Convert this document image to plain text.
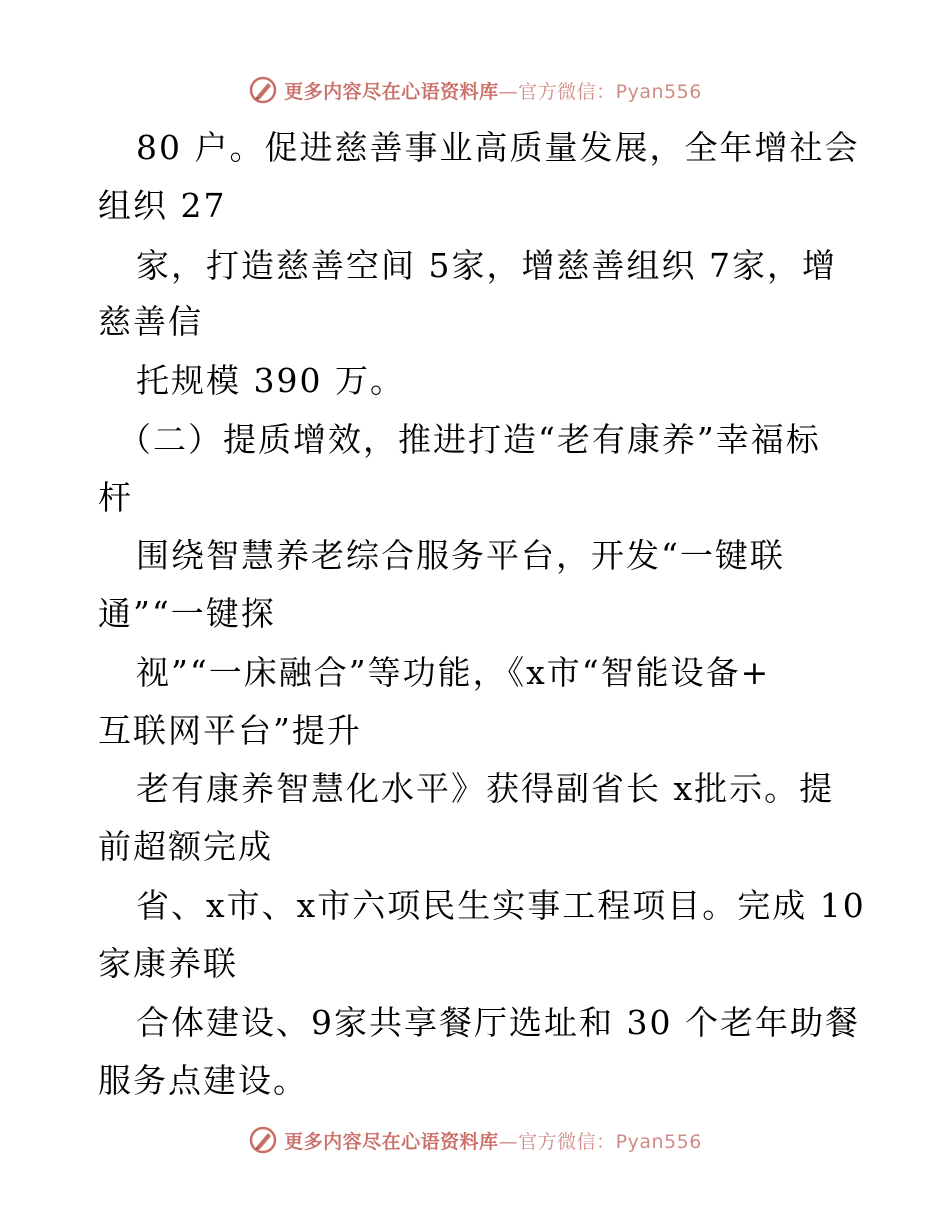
更多内容尽在心语资料库—官方微信：Pyan556
80 户。促进慈善事业高质量发展，全年增社会
组织 27
家，打造慈善空间 5家，增慈善组织 7家，增
慈善信
托规模 390 万。
（二）提质增效，推进打造“老有康养”幸福标
杆
围绕智慧养老综合服务平台，开发“一键联
通”“一键探
视”“一床融合”等功能，《x市“智能设备+
互联网平台”提升
老有康养智慧化水平》获得副省长 x批示。提
前超额完成
省、x市、x市六项民生实事工程项目。完成 10
家康养联
合体建设、9家共享餐厅选址和 30 个老年助餐
服务点建设。
更多内容尽在心语资料库—官方微信：Pyan556
